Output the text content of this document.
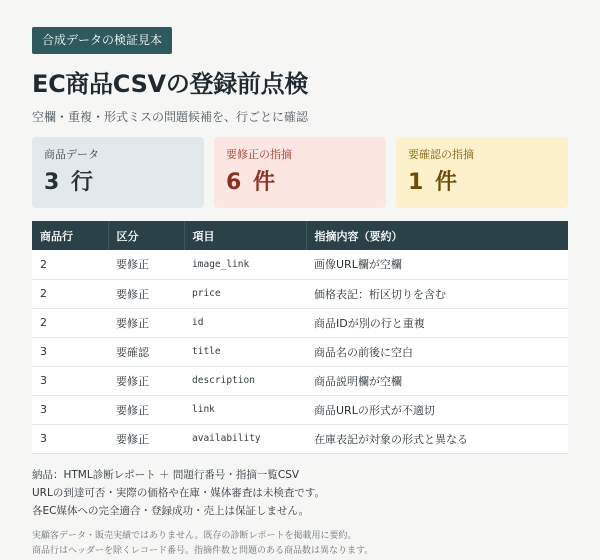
合成データの検証見本
EC商品CSVの登録前点検

空欄・重複・形式ミスの問題候補を、行ごとに確認

商品データ
3 行
要修正の指摘
6 件
要確認の指摘
1 件
商品行	区分	項目	指摘内容（要約）
2	要修正	image_link	画像URL欄が空欄
2	要修正	price	価格表記：桁区切りを含む
2	要修正	id	商品IDが別の行と重複
3	要確認	title	商品名の前後に空白
3	要修正	description	商品説明欄が空欄
3	要修正	link	商品URLの形式が不適切
3	要修正	availability	在庫表記が対象の形式と異なる

納品：HTML診断レポート ＋ 問題行番号・指摘一覧CSV

URLの到達可否・実際の価格や在庫・媒体審査は未検査です。

各EC媒体への完全適合・登録成功・売上は保証しません。

実顧客データ・販売実績ではありません。既存の診断レポートを掲載用に要約。

商品行はヘッダーを除くレコード番号。指摘件数と問題のある商品数は異なります。
